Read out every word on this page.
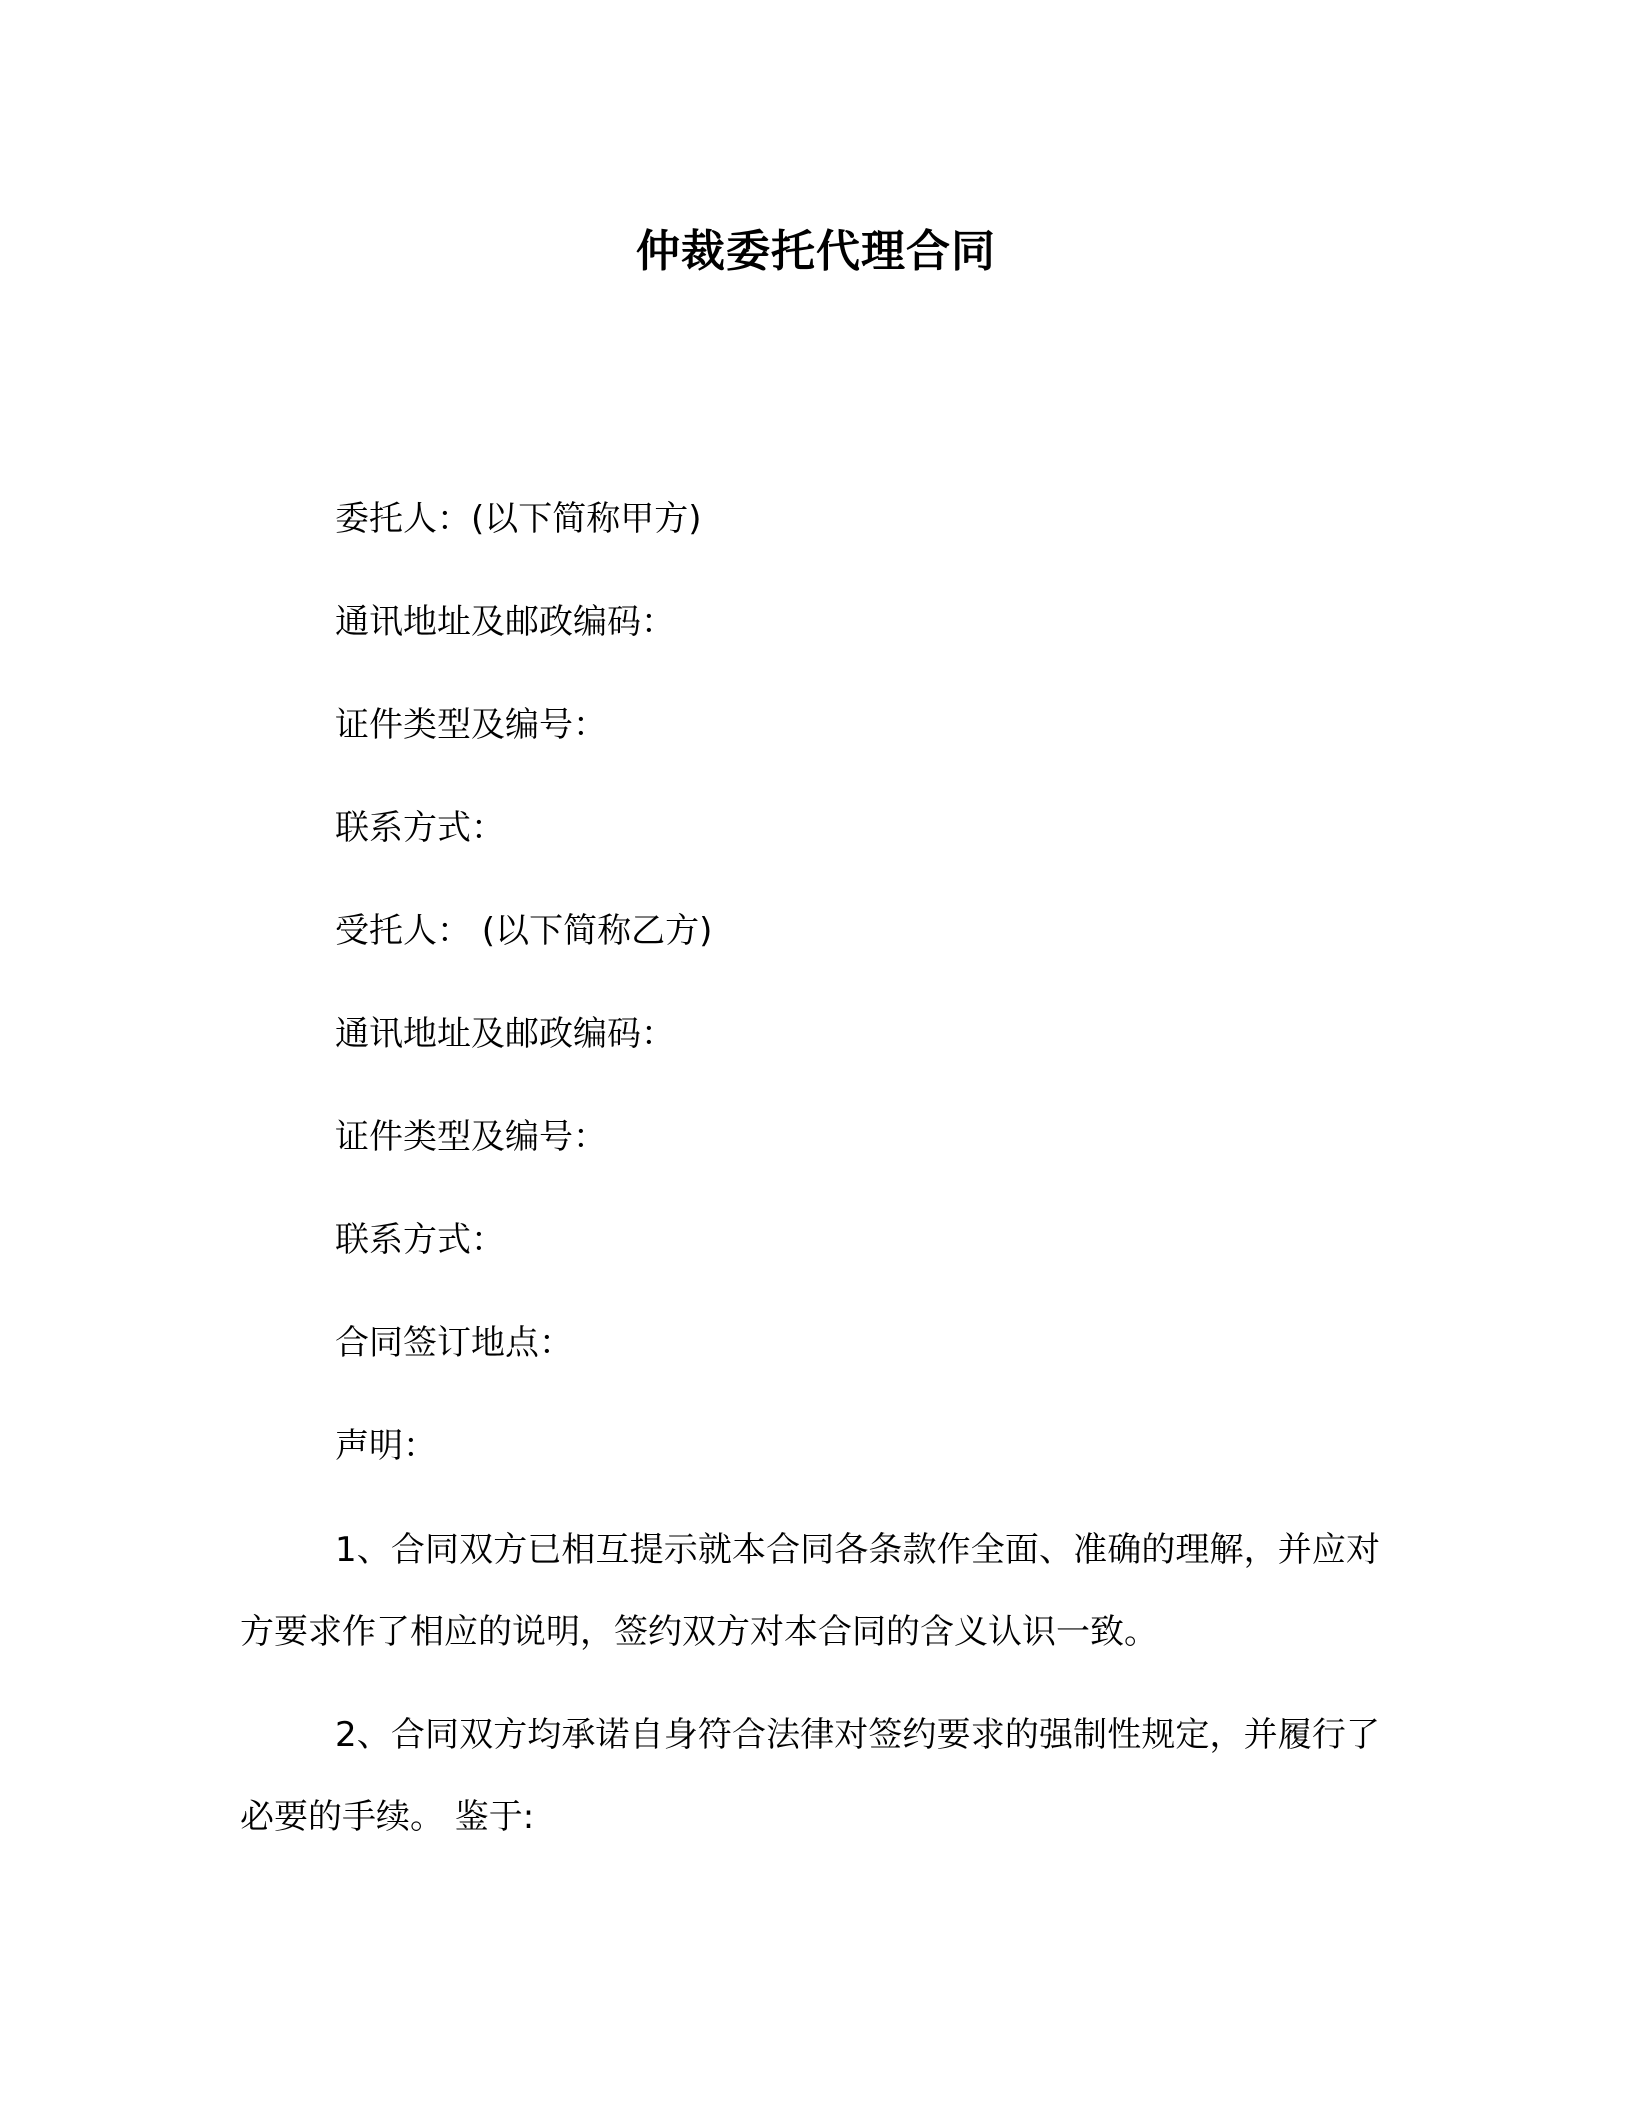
仲裁委托代理合同

委托人：(以下简称甲方)

通讯地址及邮政编码：

证件类型及编号：

联系方式：

受托人： (以下简称乙方)

通讯地址及邮政编码：

证件类型及编号：

联系方式：

合同签订地点：

声明：

1、合同双方已相互提示就本合同各条款作全面、准确的理解，并应对方要求作了相应的说明，签约双方对本合同的含义认识一致。

2、合同双方均承诺自身符合法律对签约要求的强制性规定，并履行了必要的手续。 鉴于:
